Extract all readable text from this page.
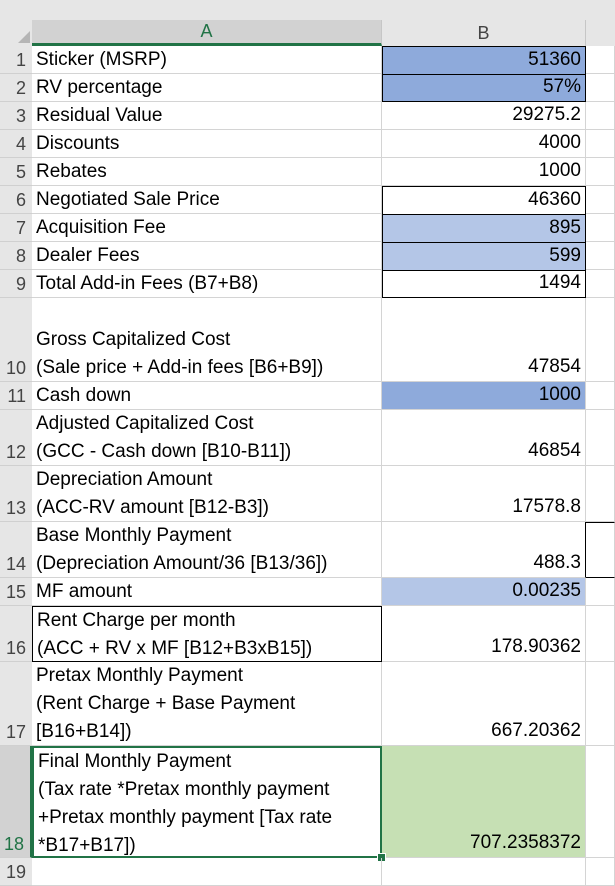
A	B
1 Sticker (MSRP)	51360
2 RV percentage	57%
3 Residual Value	29275.2
4 Discounts	4000
5 Rebates	1000
6 Negotiated Sale Price	46360
7 Acquisition Fee	895
8 Dealer Fees	599
9 Total Add-in Fees (B7+B8)	1494
10
Gross Capitalized Cost
(Sale price + Add-in fees [B6+B9])	47854
11 Cash down	1000
12
Adjusted Capitalized Cost
(GCC - Cash down [B10-B11])	46854
13
Depreciation Amount
(ACC-RV amount [B12-B3])	17578.8
14
Base Monthly Payment
(Depreciation Amount/36 [B13/36])	488.3
15 MF amount	0.00235
16
Rent Charge per month
(ACC + RV x MF [B12+B3xB15])	178.90362
17
Pretax Monthly Payment
(Rent Charge + Base Payment
[B16+B14])	667.20362
18
Final Monthly Payment
(Tax rate *Pretax monthly payment
+Pretax monthly payment [Tax rate
*B17+B17])	707.2358372
19
